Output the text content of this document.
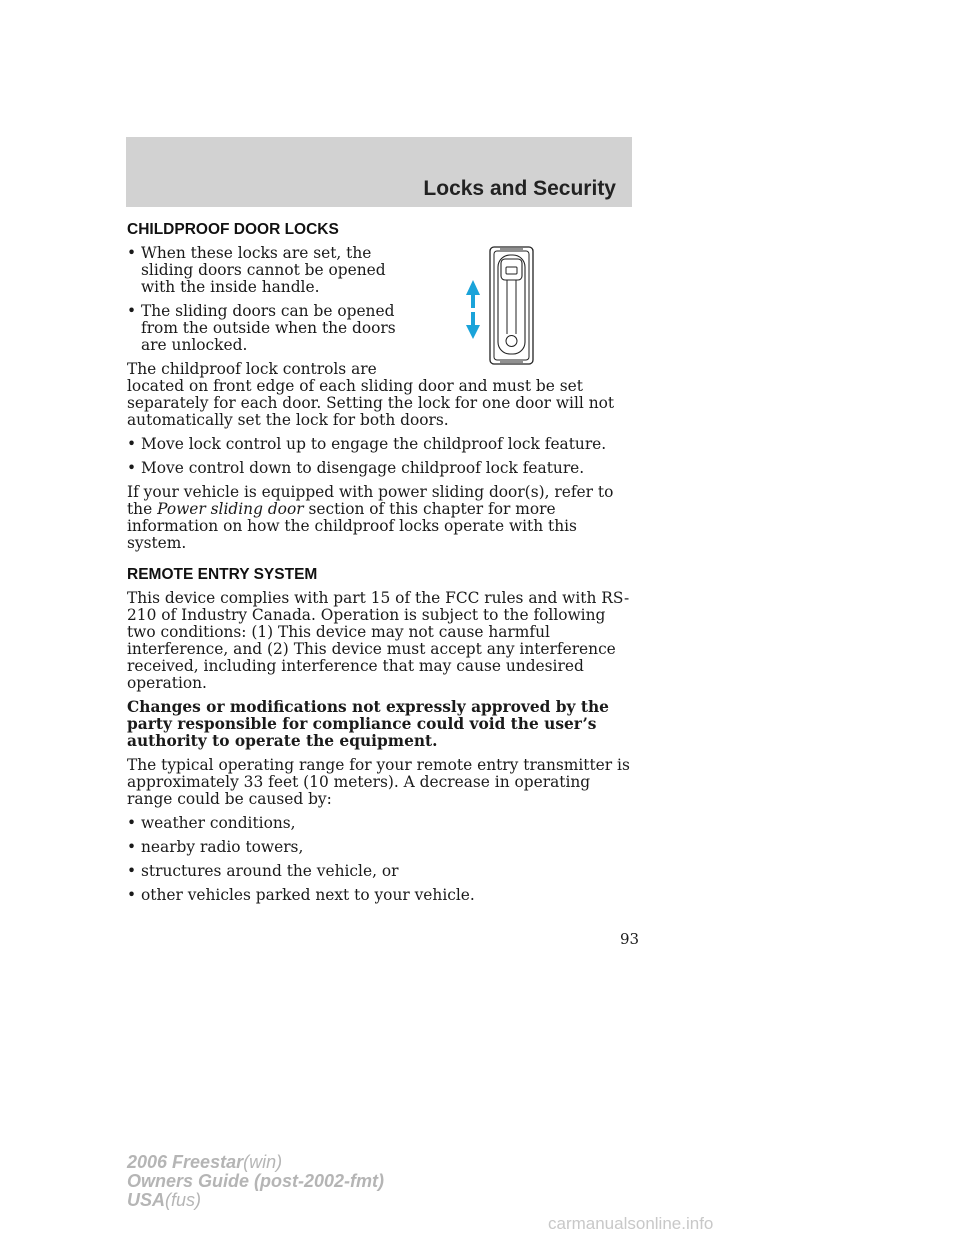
Locks and Security
CHILDPROOF DOOR LOCKS
• When these locks are set, the sliding doors cannot be opened with the inside handle.
• The sliding doors can be opened from the outside when the doors are unlocked.

The childproof lock controls are located on front edge of each sliding door and must be set separately for each door. Setting the lock for one door will not automatically set the lock for both doors.

• Move lock control up to engage the childproof lock feature.
• Move control down to disengage childproof lock feature.

If your vehicle is equipped with power sliding door(s), refer to the Power sliding door section of this chapter for more information on how the childproof locks operate with this system.

REMOTE ENTRY SYSTEM

This device complies with part 15 of the FCC rules and with RS-210 of Industry Canada. Operation is subject to the following two conditions: (1) This device may not cause harmful interference, and (2) This device must accept any interference received, including interference that may cause undesired operation.

Changes or modifications not expressly approved by the party responsible for compliance could void the user’s authority to operate the equipment.

The typical operating range for your remote entry transmitter is approximately 33 feet (10 meters). A decrease in operating range could be caused by:

• weather conditions,
• nearby radio towers,
• structures around the vehicle, or
• other vehicles parked next to your vehicle.
93
2006 Freestar(win)
Owners Guide (post-2002-fmt)
USA(fus)
carmanualsonline.info
